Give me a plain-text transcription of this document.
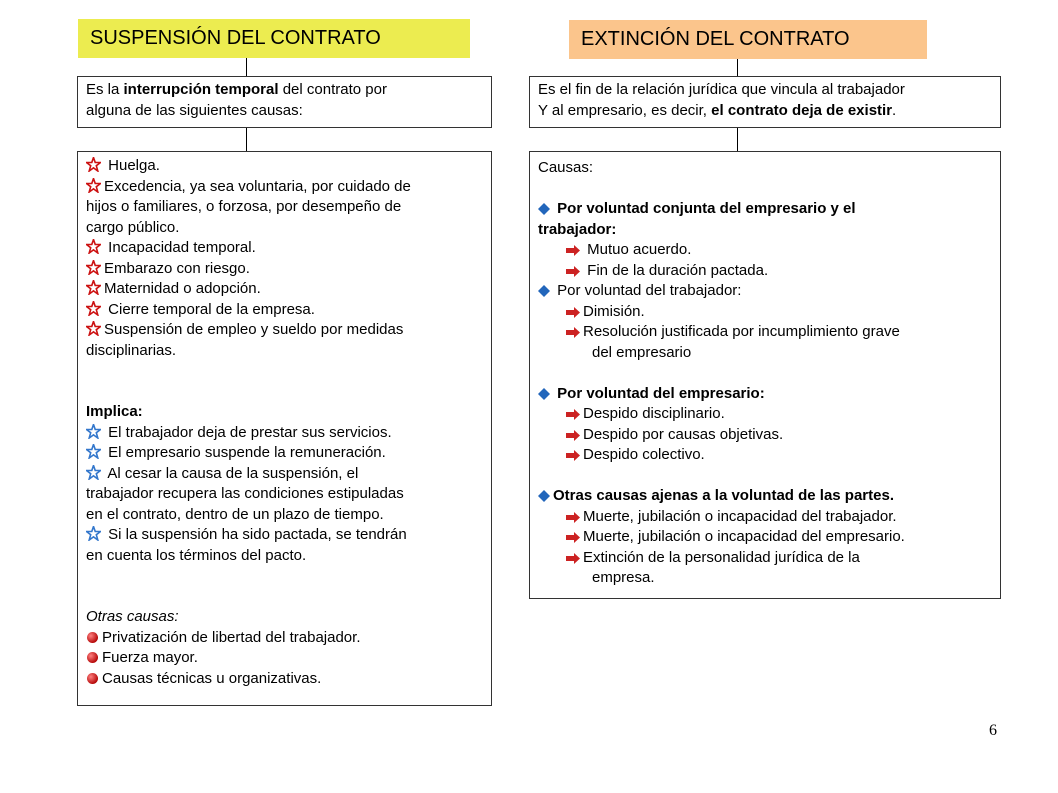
SUSPENSIÓN DEL CONTRATO	EXTINCIÓN DEL CONTRATO
Es la interrupción temporal del contrato por
alguna de las siguientes causas:
Es el fin de la relación jurídica que vincula al trabajador
Y al empresario, es decir, el contrato deja de existir.
Huelga.
Excedencia, ya sea voluntaria, por cuidado de
hijos o familiares, o forzosa, por desempeño de
cargo público.
Incapacidad temporal.
Embarazo con riesgo.
Maternidad o adopción.
Cierre temporal de la empresa.
Suspensión de empleo y sueldo por medidas
disciplinarias.
Implica:
El trabajador deja de prestar sus servicios.
El empresario suspende la remuneración.
Al cesar la causa de la suspensión, el
trabajador recupera las condiciones estipuladas
en el contrato, dentro de un plazo de tiempo.
Si la suspensión ha sido pactada, se tendrán
en cuenta los términos del pacto.
Otras causas:
Privatización de libertad del trabajador.
Fuerza mayor.
Causas técnicas u organizativas.
Causas:
Por voluntad conjunta del empresario y el
trabajador:
Mutuo acuerdo.
Fin de la duración pactada.
Por voluntad del trabajador:
Dimisión.
Resolución justificada por incumplimiento grave
del empresario
Por voluntad del empresario:
Despido disciplinario.
Despido por causas objetivas.
Despido colectivo.
Otras causas ajenas a la voluntad de las partes.
Muerte, jubilación o incapacidad del trabajador.
Muerte, jubilación o incapacidad del empresario.
Extinción de la personalidad jurídica de la
empresa.
6
